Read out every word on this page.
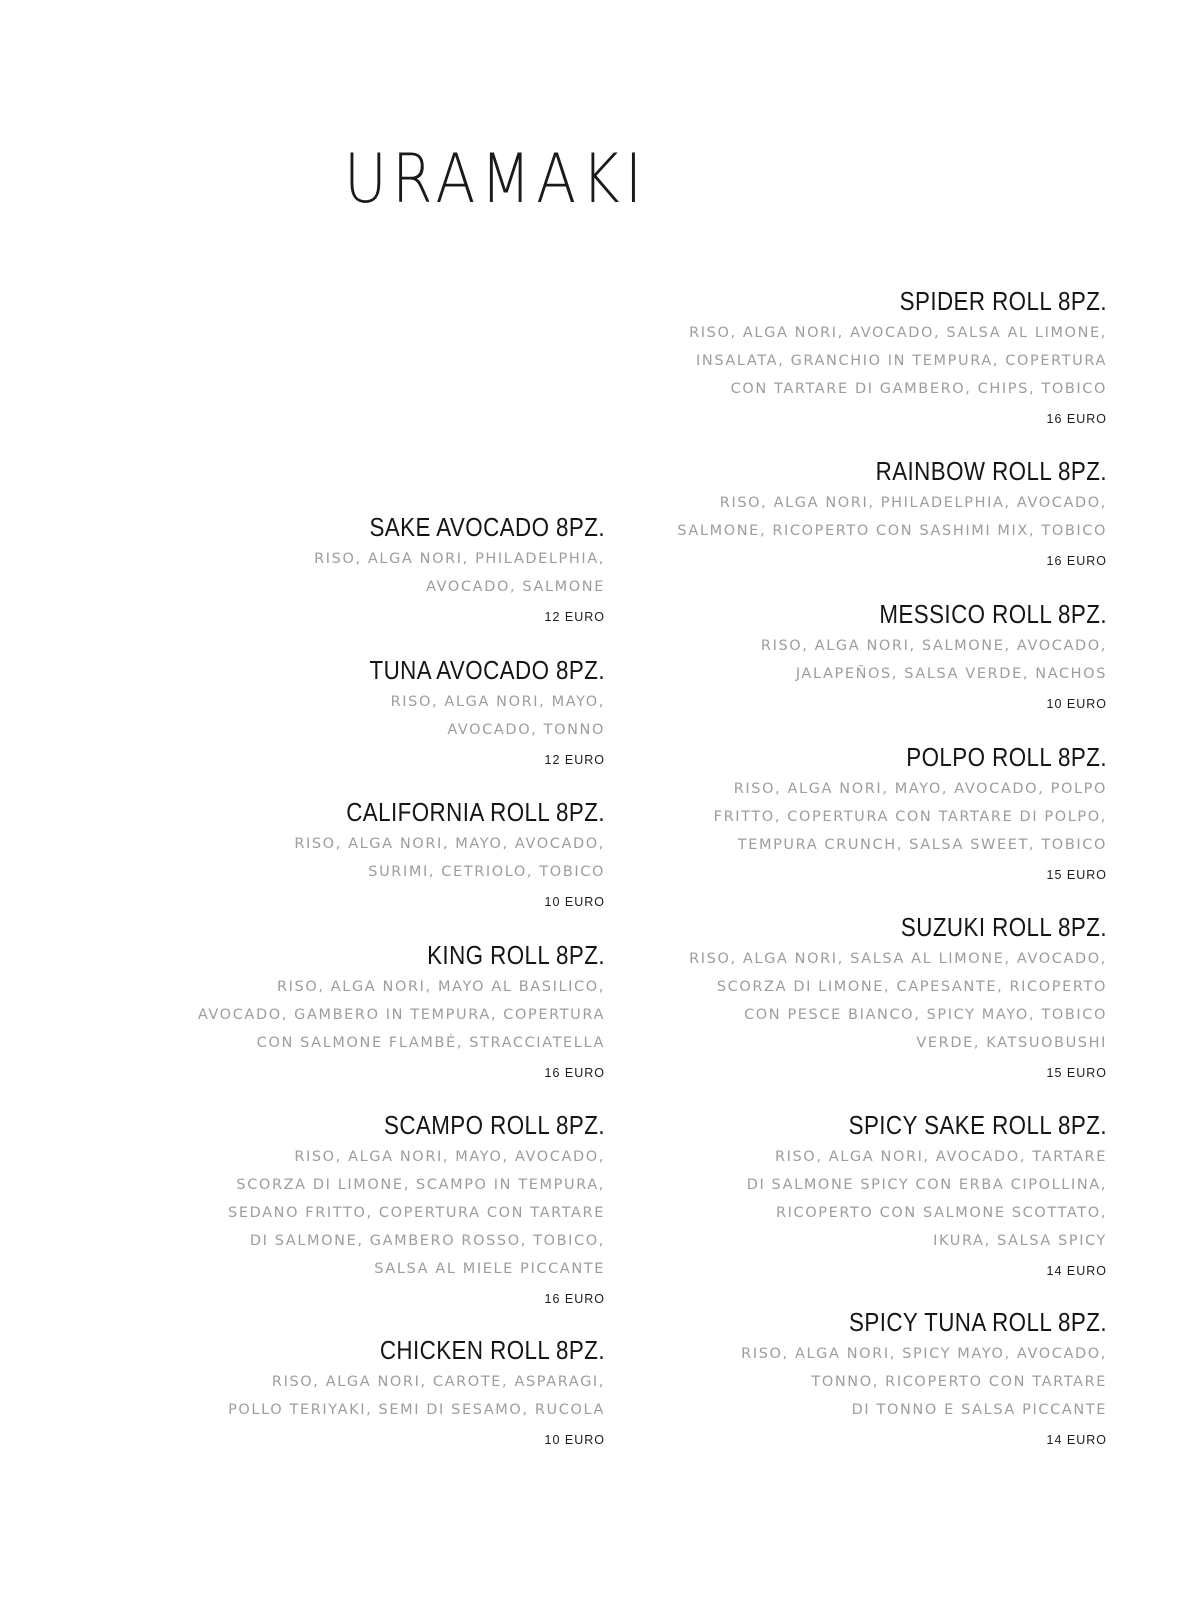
URAMAKI
SAKE AVOCADO 8PZ.
RISO, ALGA NORI, PHILADELPHIA,
AVOCADO, SALMONE
12 EURO
TUNA AVOCADO 8PZ.
RISO, ALGA NORI, MAYO,
AVOCADO, TONNO
12 EURO
CALIFORNIA ROLL 8PZ.
RISO, ALGA NORI, MAYO, AVOCADO,
SURIMI, CETRIOLO, TOBICO
10 EURO
KING ROLL 8PZ.
RISO, ALGA NORI, MAYO AL BASILICO,
AVOCADO, GAMBERO IN TEMPURA, COPERTURA
CON SALMONE FLAMBÉ, STRACCIATELLA
16 EURO
SCAMPO ROLL 8PZ.
RISO, ALGA NORI, MAYO, AVOCADO,
SCORZA DI LIMONE, SCAMPO IN TEMPURA,
SEDANO FRITTO, COPERTURA CON TARTARE
DI SALMONE, GAMBERO ROSSO, TOBICO,
SALSA AL MIELE PICCANTE
16 EURO
CHICKEN ROLL 8PZ.
RISO, ALGA NORI, CAROTE, ASPARAGI,
POLLO TERIYAKI, SEMI DI SESAMO, RUCOLA
10 EURO
SPIDER ROLL 8PZ.
RISO, ALGA NORI, AVOCADO, SALSA AL LIMONE,
INSALATA, GRANCHIO IN TEMPURA, COPERTURA
CON TARTARE DI GAMBERO, CHIPS, TOBICO
16 EURO
RAINBOW ROLL 8PZ.
RISO, ALGA NORI, PHILADELPHIA, AVOCADO,
SALMONE, RICOPERTO CON SASHIMI MIX, TOBICO
16 EURO
MESSICO ROLL 8PZ.
RISO, ALGA NORI, SALMONE, AVOCADO,
JALAPEÑOS, SALSA VERDE, NACHOS
10 EURO
POLPO ROLL 8PZ.
RISO, ALGA NORI, MAYO, AVOCADO, POLPO
FRITTO, COPERTURA CON TARTARE DI POLPO,
TEMPURA CRUNCH, SALSA SWEET, TOBICO
15 EURO
SUZUKI ROLL 8PZ.
RISO, ALGA NORI, SALSA AL LIMONE, AVOCADO,
SCORZA DI LIMONE, CAPESANTE, RICOPERTO
CON PESCE BIANCO, SPICY MAYO, TOBICO
VERDE, KATSUOBUSHI
15 EURO
SPICY SAKE ROLL 8PZ.
RISO, ALGA NORI, AVOCADO, TARTARE
DI SALMONE SPICY CON ERBA CIPOLLINA,
RICOPERTO CON SALMONE SCOTTATO,
IKURA, SALSA SPICY
14 EURO
SPICY TUNA ROLL 8PZ.
RISO, ALGA NORI, SPICY MAYO, AVOCADO,
TONNO, RICOPERTO CON TARTARE
DI TONNO E SALSA PICCANTE
14 EURO
